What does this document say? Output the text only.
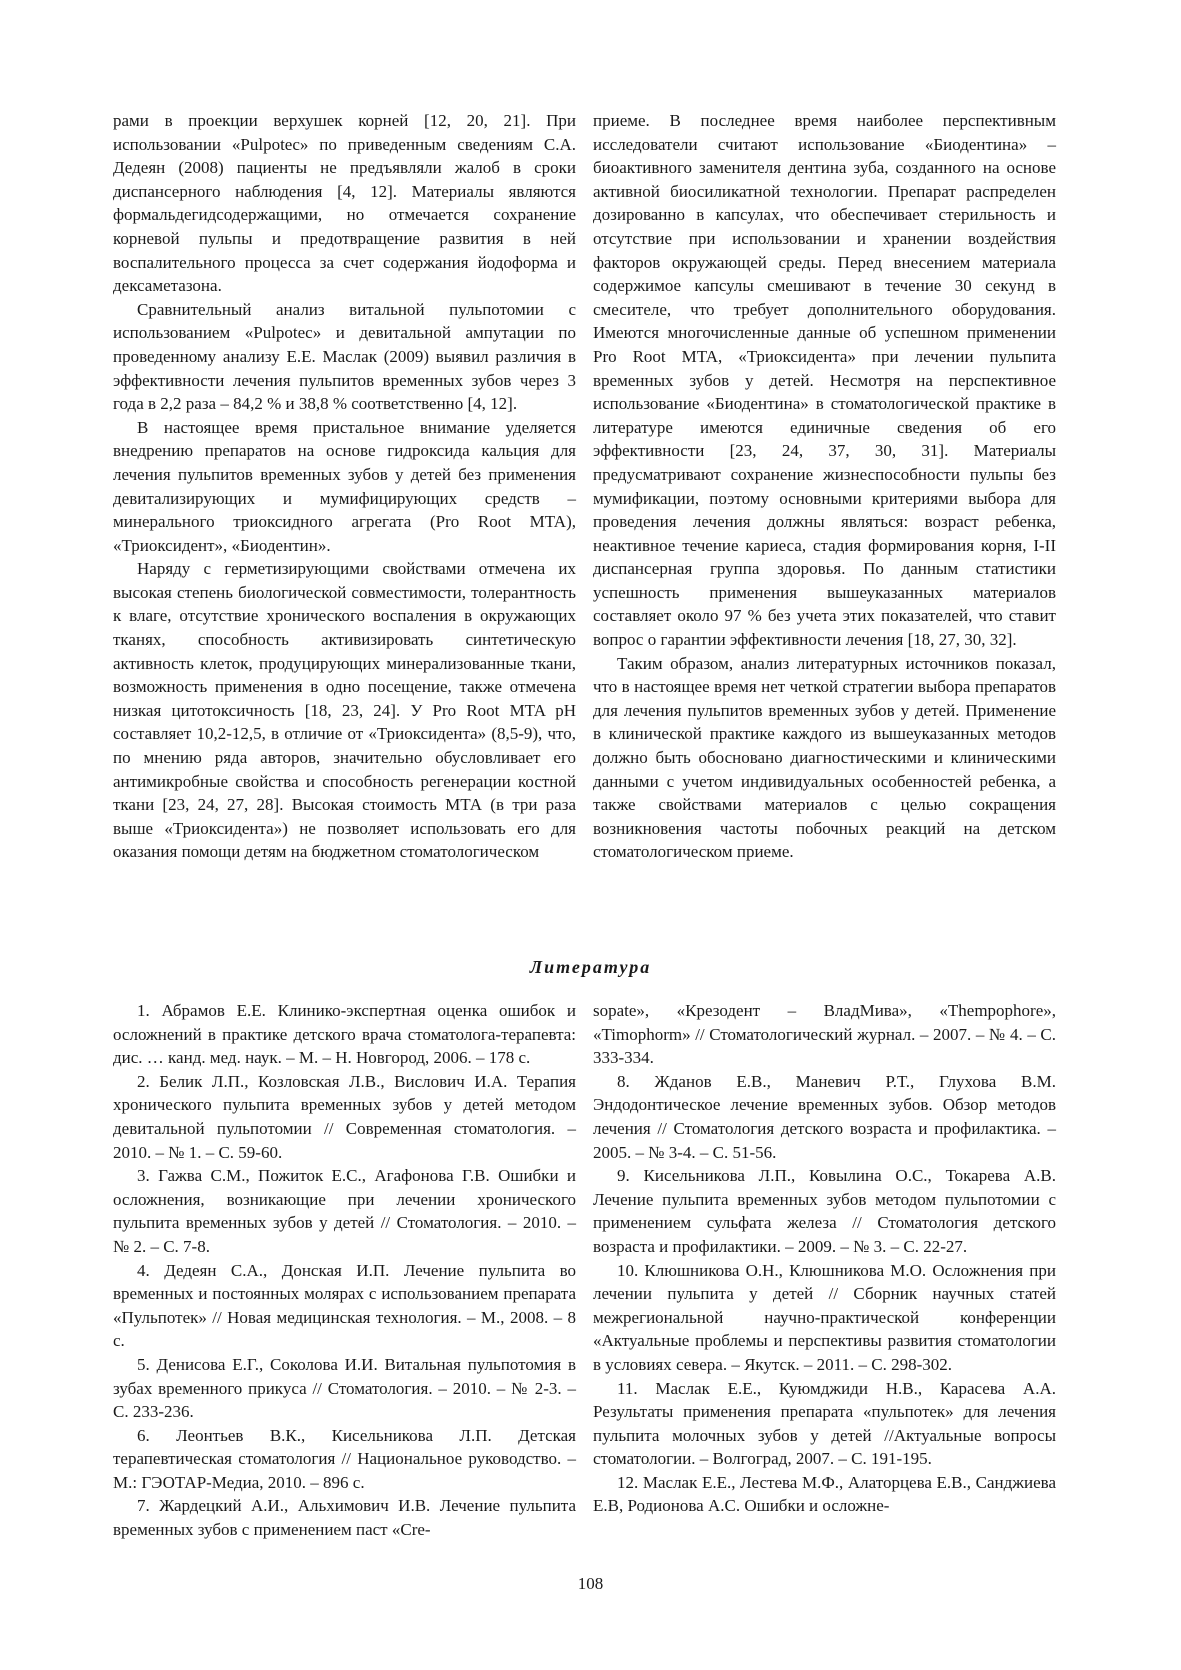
рами в проекции верхушек корней [12, 20, 21]. При использовании «Pulpotec» по приведенным сведениям С.А. Дедеян (2008) пациенты не предъявляли жалоб в сроки диспансерного наблюдения [4, 12]. Материалы являются формальдегидсодержащими, но отмечается сохранение корневой пульпы и предотвращение развития в ней воспалительного процесса за счет содержания йодоформа и дексаметазона.

Сравнительный анализ витальной пульпотомии с использованием «Pulpotec» и девитальной ампутации по проведенному анализу Е.Е. Маслак (2009) выявил различия в эффективности лечения пульпитов временных зубов через 3 года в 2,2 раза – 84,2 % и 38,8 % соответственно [4, 12].

В настоящее время пристальное внимание уделяется внедрению препаратов на основе гидроксида кальция для лечения пульпитов временных зубов у детей без применения девитализирующих и мумифицирующих средств – минерального триоксидного агрегата (Pro Root MTA), «Триоксидент», «Биодентин».

Наряду с герметизирующими свойствами отмечена их высокая степень биологической совместимости, толерантность к влаге, отсутствие хронического воспаления в окружающих тканях, способность активизировать синтетическую активность клеток, продуцирующих минерализованные ткани, возможность применения в одно посещение, также отмечена низкая цитотоксичность [18, 23, 24]. У Pro Root MTA pH составляет 10,2-12,5, в отличие от «Триоксидента» (8,5-9), что, по мнению ряда авторов, значительно обусловливает его антимикробные свойства и способность регенерации костной ткани [23, 24, 27, 28]. Высокая стоимость МТА (в три раза выше «Триоксидента») не позволяет использовать его для оказания помощи детям на бюджетном стоматологическом

приеме. В последнее время наиболее перспективным исследователи считают использование «Биодентина» – биоактивного заменителя дентина зуба, созданного на основе активной биосиликатной технологии. Препарат распределен дозированно в капсулах, что обеспечивает стерильность и отсутствие при использовании и хранении воздействия факторов окружающей среды. Перед внесением материала содержимое капсулы смешивают в течение 30 секунд в смесителе, что требует дополнительного оборудования. Имеются многочисленные данные об успешном применении Pro Root MTA, «Триоксидента» при лечении пульпита временных зубов у детей. Несмотря на перспективное использование «Биодентина» в стоматологической практике в литературе имеются единичные сведения об его эффективности [23, 24, 37, 30, 31]. Материалы предусматривают сохранение жизнеспособности пульпы без мумификации, поэтому основными критериями выбора для проведения лечения должны являться: возраст ребенка, неактивное течение кариеса, стадия формирования корня, I-II диспансерная группа здоровья. По данным статистики успешность применения вышеуказанных материалов составляет около 97 % без учета этих показателей, что ставит вопрос о гарантии эффективности лечения [18, 27, 30, 32].

Таким образом, анализ литературных источников показал, что в настоящее время нет четкой стратегии выбора препаратов для лечения пульпитов временных зубов у детей. Применение в клинической практике каждого из вышеуказанных методов должно быть обосновано диагностическими и клиническими данными с учетом индивидуальных особенностей ребенка, а также свойствами материалов с целью сокращения возникновения частоты побочных реакций на детском стоматологическом приеме.

Литература

1. Абрамов Е.Е. Клинико-экспертная оценка ошибок и осложнений в практике детского врача стоматолога-терапевта: дис. … канд. мед. наук. – М. – Н. Новгород, 2006. – 178 с.

2. Белик Л.П., Козловская Л.В., Вислович И.А. Терапия хронического пульпита временных зубов у детей методом девитальной пульпотомии // Современная стоматология. – 2010. – № 1. – С. 59-60.

3. Гажва С.М., Пожиток Е.С., Агафонова Г.В. Ошибки и осложнения, возникающие при лечении хронического пульпита временных зубов у детей // Стоматология. – 2010. – № 2. – С. 7-8.

4. Дедеян С.А., Донская И.П. Лечение пульпита во временных и постоянных молярах с использованием препарата «Пульпотек» // Новая медицинская технология. – М., 2008. – 8 с.

5. Денисова Е.Г., Соколова И.И. Витальная пульпотомия в зубах временного прикуса // Стоматология. – 2010. – № 2-3. – С. 233-236.

6. Леонтьев В.К., Кисельникова Л.П. Детская терапевтическая стоматология // Национальное руководство. – М.: ГЭОТАР-Медиа, 2010. – 896 с.

7. Жардецкий А.И., Альхимович И.В. Лечение пульпита временных зубов с применением паст «Cre-

sopate», «Крезодент – ВладМива», «Thempophore», «Timophorm» // Стоматологический журнал. – 2007. – № 4. – С. 333-334.

8. Жданов Е.В., Маневич Р.Т., Глухова В.М. Эндодонтическое лечение временных зубов. Обзор методов лечения // Стоматология детского возраста и профилактика. – 2005. – № 3-4. – С. 51-56.

9. Кисельникова Л.П., Ковылина О.С., Токарева А.В. Лечение пульпита временных зубов методом пульпотомии с применением сульфата железа // Стоматология детского возраста и профилактики. – 2009. – № 3. – С. 22-27.

10. Клюшникова О.Н., Клюшникова М.О. Осложнения при лечении пульпита у детей // Сборник научных статей межрегиональной научно-практической конференции «Актуальные проблемы и перспективы развития стоматологии в условиях севера. – Якутск. – 2011. – С. 298-302.

11. Маслак Е.Е., Куюмджиди Н.В., Карасева А.А. Результаты применения препарата «пульпотек» для лечения пульпита молочных зубов у детей //Актуальные вопросы стоматологии. – Волгоград, 2007. – С. 191-195.

12. Маслак Е.Е., Лестева М.Ф., Алаторцева Е.В., Санджиева Е.В, Родионова А.С. Ошибки и осложне-

108
